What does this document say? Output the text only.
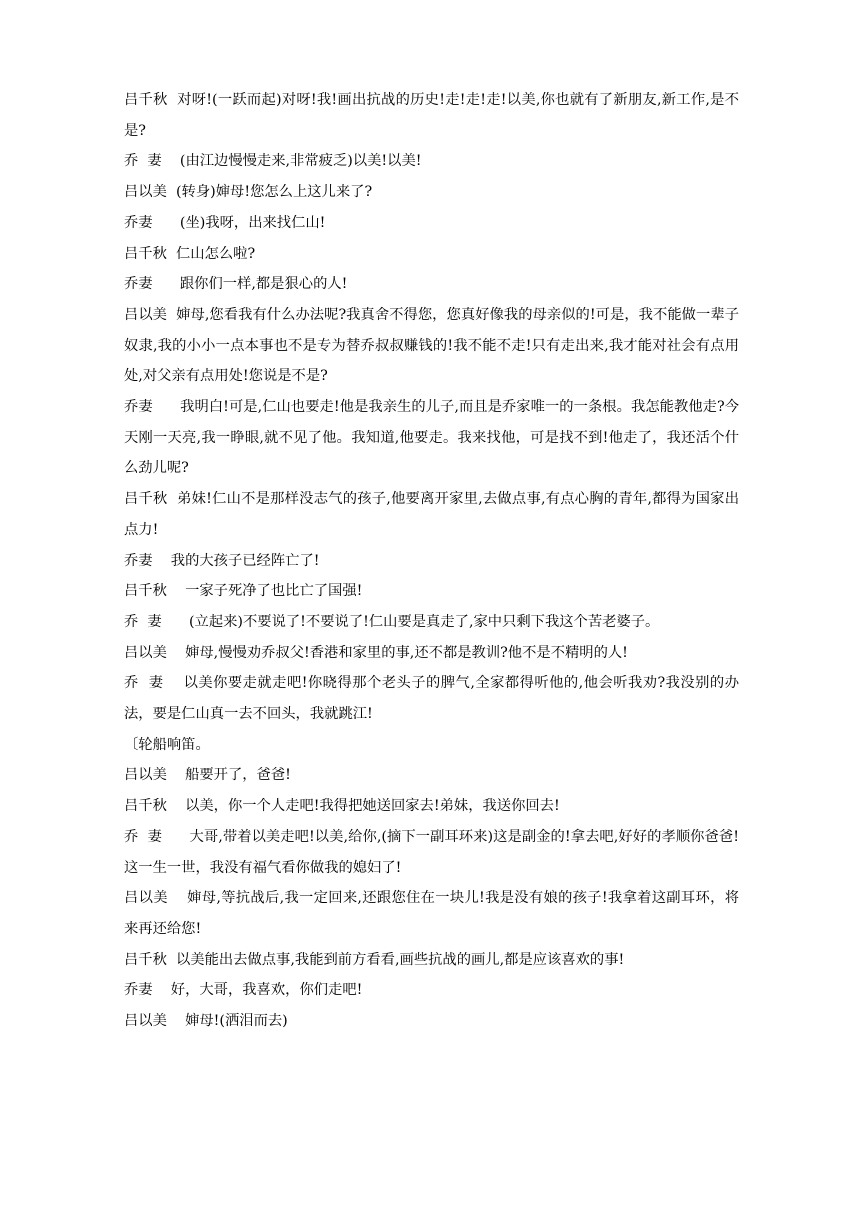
吕千秋  对呀!(一跃而起)对呀!我!画出抗战的历史!走!走!走!以美,你也就有了新朋友,新工作,是不是?

乔  妻    (由江边慢慢走来,非常疲乏)以美!以美!

吕以美  (转身)婶母!您怎么上这儿来了?

乔妻      (坐)我呀，出来找仁山!

吕千秋  仁山怎么啦?

乔妻      跟你们一样,都是狠心的人!

吕以美  婶母,您看我有什么办法呢?我真舍不得您，您真好像我的母亲似的!可是，我不能做一辈子奴隶,我的小小一点本事也不是专为替乔叔叔赚钱的!我不能不走!只有走出来,我才能对社会有点用处,对父亲有点用处!您说是不是?

乔妻      我明白!可是,仁山也要走!他是我亲生的儿子,而且是乔家唯一的一条根。我怎能教他走?今天刚一天亮,我一睁眼,就不见了他。我知道,他要走。我来找他，可是找不到!他走了，我还活个什么劲儿呢?

吕千秋  弟妹!仁山不是那样没志气的孩子,他要离开家里,去做点事,有点心胸的青年,都得为国家出点力!

乔妻    我的大孩子已经阵亡了!

吕千秋    一家子死净了也比亡了国强!

乔  妻      (立起来)不要说了!不要说了!仁山要是真走了,家中只剩下我这个苦老婆子。

吕以美    婶母,慢慢劝乔叔父!香港和家里的事,还不都是教训?他不是不精明的人!

乔  妻    以美你要走就走吧!你晓得那个老头子的脾气,全家都得听他的,他会听我劝?我没别的办法，要是仁山真一去不回头，我就跳江!

〔轮船响笛。

吕以美    船要开了，爸爸!

吕千秋    以美，你一个人走吧!我得把她送回家去!弟妹，我送你回去!

乔  妻      大哥,带着以美走吧!以美,给你,(摘下一副耳环来)这是副金的!拿去吧,好好的孝顺你爸爸!这一生一世，我没有福气看你做我的媳妇了!

吕以美    婶母,等抗战后,我一定回来,还跟您住在一块儿!我是没有娘的孩子!我拿着这副耳环，将来再还给您!

吕千秋  以美能出去做点事,我能到前方看看,画些抗战的画儿,都是应该喜欢的事!

乔妻    好，大哥，我喜欢，你们走吧!

吕以美    婶母!(洒泪而去)
